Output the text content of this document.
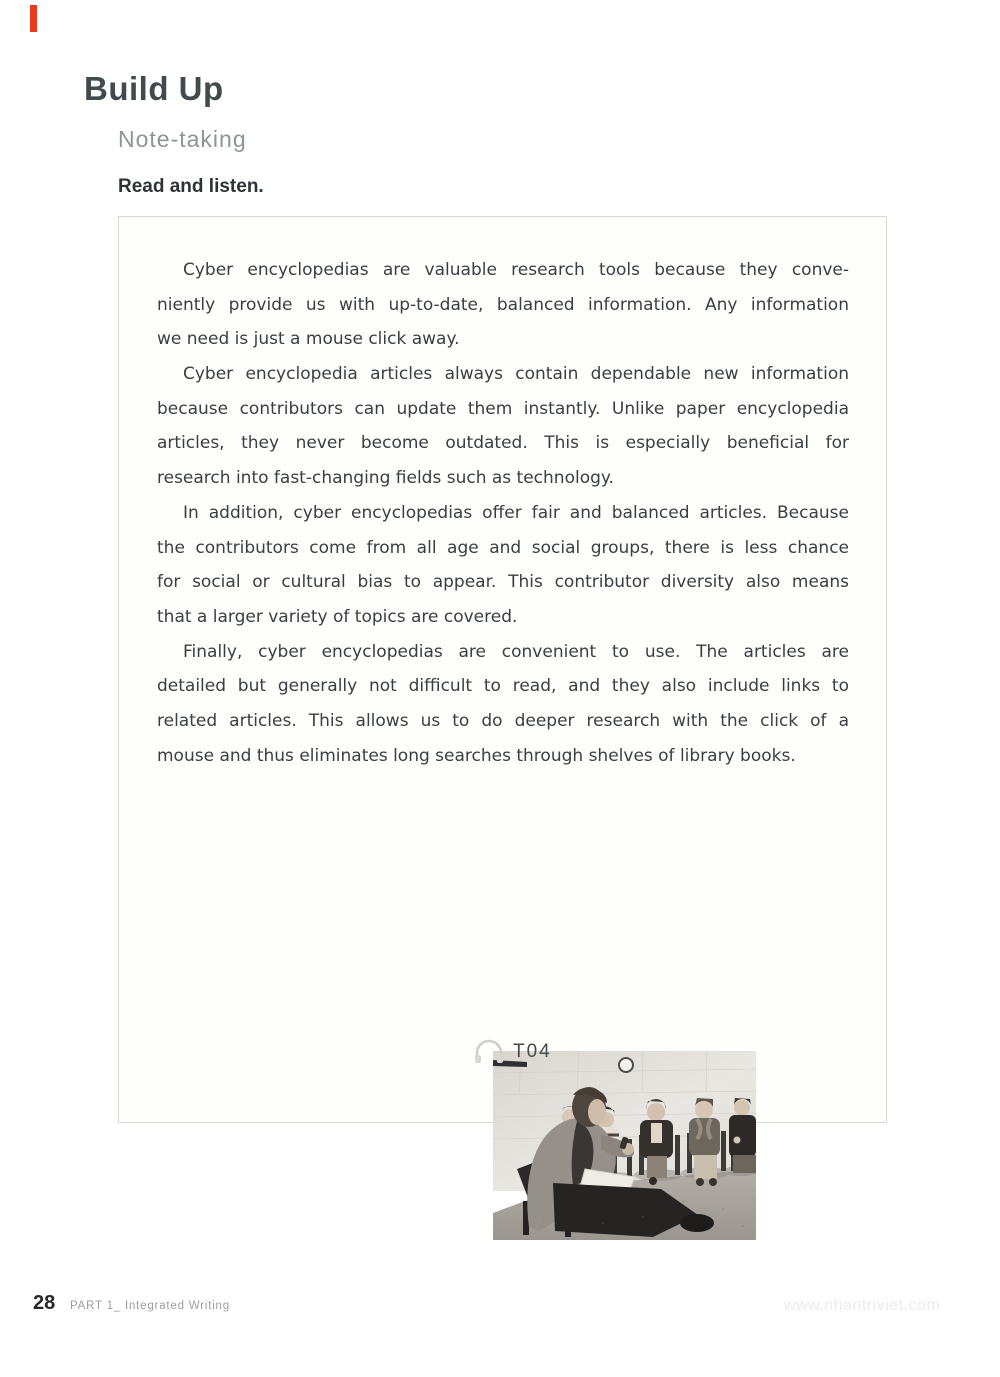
Build Up
Note-taking
Read and listen.
Cyber encyclopedias are valuable research tools because they conve-
niently provide us with up-to-date, balanced information. Any information
we need is just a mouse click away.
Cyber encyclopedia articles always contain dependable new information
because contributors can update them instantly. Unlike paper encyclopedia
articles, they never become outdated. This is especially beneficial for
research into fast-changing fields such as technology.
In addition, cyber encyclopedias offer fair and balanced articles. Because
the contributors come from all age and social groups, there is less chance
for social or cultural bias to appear. This contributor diversity also means
that a larger variety of topics are covered.
Finally, cyber encyclopedias are convenient to use. The articles are
detailed but generally not difficult to read, and they also include links to
related articles. This allows us to do deeper research with the click of a
mouse and thus eliminates long searches through shelves of library books.
T04
28 PART 1_ Integrated Writing	www.nhantriviet.com
